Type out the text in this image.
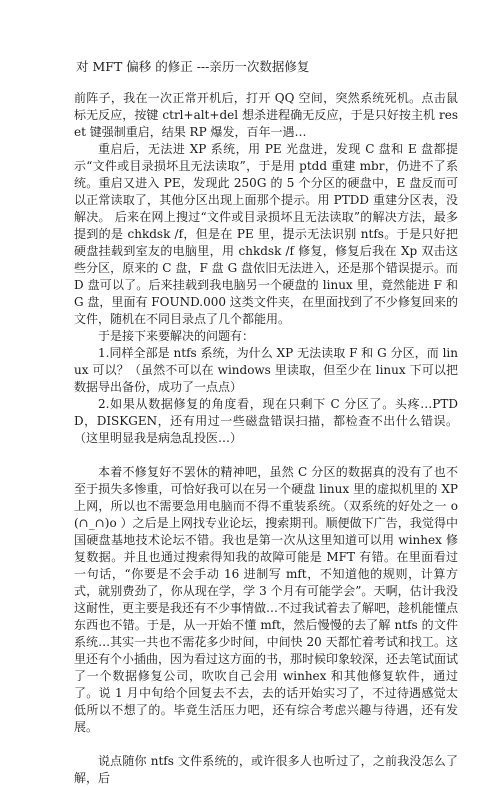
对 MFT 偏移 的修正 ---亲历一次数据修复

前阵子，我在一次正常开机后，打开 QQ 空间，突然系统死机。点击鼠标无反应，按键 ctrl+alt+del 想杀进程确无反应，于是只好按主机 reset 键强制重启，结果 RP 爆发，百年一遇…

重启后，无法进 XP 系统，用 PE 光盘进，发现 C 盘和 E 盘都提示“文件或目录损坏且无法读取”，于是用 ptdd 重建 mbr，仍进不了系统。重启又进入 PE，发现此 250G 的 5 个分区的硬盘中，E 盘反而可以正常读取了，其他分区出现上面那个提示。用 PTDD 重建分区表，没解决。 后来在网上搜过“文件或目录损坏且无法读取”的解决方法，最多提到的是 chkdsk /f，但是在 PE 里，提示无法识别 ntfs。于是只好把硬盘挂载到室友的电脑里，用 chkdsk /f 修复，修复后我在 Xp 双击这些分区，原来的 C 盘，F 盘 G 盘依旧无法进入，还是那个错误提示。而 D 盘可以了。后来挂载到我电脑另一个硬盘的 linux 里，竟然能进 F 和 G 盘，里面有 FOUND.000 这类文件夹，在里面找到了不少修复回来的文件，随机在不同目录点了几个都能用。

于是接下来要解决的问题有：

1.同样全部是 ntfs 系统，为什么 XP 无法读取 F 和 G 分区，而 linux 可以？（虽然不可以在 windows 里读取，但至少在 linux 下可以把数据导出备份，成功了一点点）

2.如果从数据修复的角度看，现在只剩下 C 分区了。头疼…PTDD，DISKGEN，还有用过一些磁盘错误扫描，都检查不出什么错误。（这里明显我是病急乱投医…）

本着不修复好不罢休的精神吧，虽然 C 分区的数据真的没有了也不至于损失多惨重，可恰好我可以在另一个硬盘 linux 里的虚拟机里的 XP 上网，所以也不需要急用电脑而不得不重装系统。（双系统的好处之一 o(∩_∩)o ）之后是上网找专业论坛，搜索期刊。顺便做下广告，我觉得中国硬盘基地技术论坛不错。我也是第一次从这里知道可以用 winhex 修复数据。并且也通过搜索得知我的故障可能是 MFT 有错。在里面看过一句话，“你要是不会手动 16 进制写 mft，不知道他的规则，计算方式，就别费劲了，你从现在学，学 3 个月有可能学会”。天啊，估计我没这耐性，更主要是我还有不少事情做…不过我试着去了解吧，趁机能懂点东西也不错。于是，从一开始不懂 mft，然后慢慢的去了解 ntfs 的文件系统…其实一共也不需花多少时间，中间快 20 天都忙着考试和找工。这里还有个小插曲，因为看过这方面的书，那时候印象较深，还去笔试面试了一个数据修复公司，吹吹自己会用 winhex 和其他修复软件，通过了。说 1 月中旬给个回复去不去，去的话开始实习了，不过待遇感觉太低所以不想了的。毕竟生活压力吧，还有综合考虑兴趣与待遇，还有发展。

说点随你 ntfs 文件系统的，或许很多人也听过了，之前我没怎么了解，后
